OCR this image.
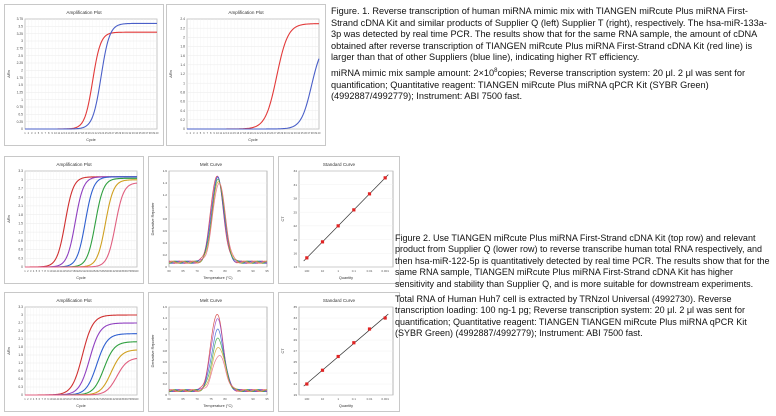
Amplification Plot
Cycle
ΔRn
0
0.25
0.5
0.75
1
1.25
1.5
1.75
2
2.25
2.5
2.75
3
3.25
3.5
3.75
1 2 3 4 5 6 7 8 9 10 11 12 13 14 15 16 17 18 19 20 21 22 23 24 25 26 27 28 29 30 31 32 33 34 35 36 37 38 39 40
Amplification Plot
Cycle
ΔRn
0
0.2
0.4
0.6
0.8
1
1.2
1.4
1.6
1.8
2
2.2
2.4
1 2 3 4 5 6 7 8 9 10 11 12 13 14 15 16 17 18 19 20 21 22 23 24 25 26 27 28 29 30 31 32 33 34 35 36 37 38 39 40

Figure. 1. Reverse transcription of human miRNA mimic mix with TIANGEN miRcute Plus miRNA First-Strand cDNA Kit and similar products of Supplier Q (left) Supplier T (right), respectively. The hsa-miR-133a-3p was detected by real time PCR. The results show that for the same RNA sample, the amount of cDNA obtained after reverse transcription of TIANGEN miRcute Plus miRNA First-Strand cDNA Kit (red line) is larger than that of other Suppliers (blue line), indicating higher RT efficiency.

miRNA mimic mix sample amount: $2\times 10^8copies$; Reverse transcription system: 20 μl. 2 μl was sent for quantification; Quantitative reagent: TIANGEN miRcute Plus miRNA qPCR Kit (SYBR Green) (4992887/4992779); Instrument: ABI 7500 fast.

Amplification Plot
Cycle
ΔRn
0
0.3
0.6
0.9
1.2
1.5
1.8
2.1
2.4
2.7
3
3.3
1 2 3 4 5 6 7 8 9 10 11 12 13 14 15 16 17 18 19 20 21 22 23 24 25 26 27 28 29 30 31 32 33 34 35 36 37 38 39 40
Melt Curve
Temperature (°C)
Derivative Reporter
0
0.2
0.4
0.6
0.8
1
1.2
1.4
1.6
60	65	70	75	80	85	90	95
Standard Curve
Quantity
CT
13
16
19
22
25
28
31
34
100	10	1	0.1	0.01	0.001
Amplification Plot
Cycle
ΔRn
0
0.3
0.6
0.9
1.2
1.5
1.8
2.1
2.4
2.7
3
3.3
1 2 3 4 5 6 7 8 9 10 11 12 13 14 15 16 17 18 19 20 21 22 23 24 25 26 27 28 29 30 31 32 33 34 35 36 37 38 39 40
Melt Curve
Temperature (°C)
Derivative Reporter
0
0.2
0.4
0.6
0.8
1
1.2
1.4
1.6
60	65	70	75	80	85	90	95
Standard Curve
Quantity
CT
19
21
23
25
27
29
31
33
35
100	10	1	0.1	0.01	0.001

Figure 2. Use TIANGEN miRcute Plus miRNA First-Strand cDNA Kit (top row) and relevant product from Supplier Q (lower row) to reverse transcribe human total RNA respectively, and then hsa-miR-122-5p is quantitatively detected by real time PCR. The results show that for the same RNA sample, TIANGEN miRcute Plus miRNA First-Strand cDNA Kit has higher sensitivity and stability than Supplier Q, and is more suitable for downstream experiments.

Total RNA of Human Huh7 cell is extracted by TRNzol Universal (4992730). Reverse transcription loading: 100 ng-1 pg; Reverse transcription system: 20 μl. 2 μl was sent for quantification; Quantitative reagent: TIANGEN TIANGEN miRcute Plus miRNA qPCR Kit (SYBR Green) (4992887/4992779); Instrument: ABI 7500 fast.
